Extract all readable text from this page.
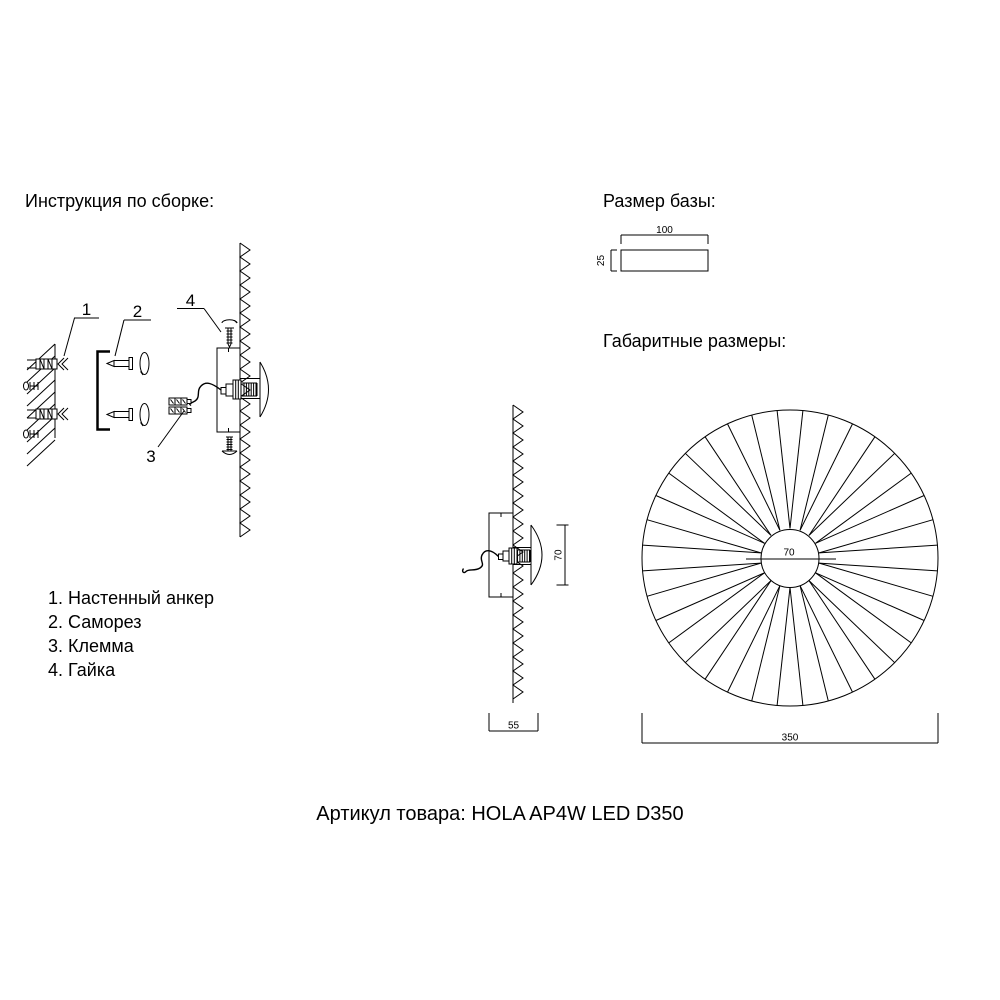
Инструкция по сборке:	Размер базы:
Габаритные размеры:
1. Настенный анкер
2. Саморез
3. Клемма
4. Гайка
Артикул товара: HOLA AP4W LED D350
1 2
4
3
100
25
70
55
70
350
